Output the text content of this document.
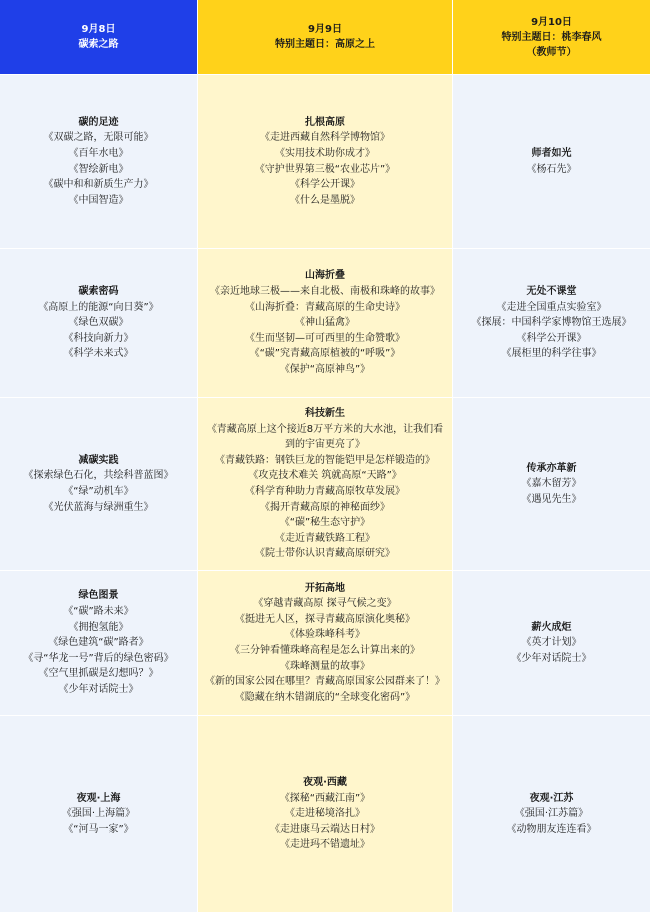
9月8日
碳索之路
9月9日
特别主题日：高原之上
9月10日
特别主题日：桃李春风
（教师节）
碳的足迹
《双碳之路，无限可能》
《百年水电》
《智绘新电》
《碳中和和新质生产力》
《中国智造》
扎根高原
《走进西藏自然科学博物馆》
《实用技术助你成才》
《守护世界第三极“农业芯片”》
《科学公开课》
《什么是墨脱》
师者如光
《杨石先》
碳索密码
《高原上的能源“向日葵”》
《绿色双碳》
《科技向新力》
《科学未来式》
山海折叠
《亲近地球三极——来自北极、南极和珠峰的故事》
《山海折叠：青藏高原的生命史诗》
《神山猛禽》
《生而坚韧—可可西里的生命赞歌》
《“碳”究青藏高原植被的“呼吸”》
《保护“高原神鸟”》
无处不课堂
《走进全国重点实验室》
《探展：中国科学家博物馆王选展》
《科学公开课》
《展柜里的科学往事》
减碳实践
《探索绿色石化，共绘科普蓝图》
《“绿”动机车》
《光伏蓝海与绿洲重生》
科技新生
《青藏高原上这个接近8万平方米的大水池，让我们看到的宇宙更亮了》
《青藏铁路：钢铁巨龙的智能铠甲是怎样锻造的》
《攻克技术难关 筑就高原“天路”》
《科学育种助力青藏高原牧草发展》
《揭开青藏高原的神秘面纱》
《“碳”秘生态守护》
《走近青藏铁路工程》
《院士带你认识青藏高原研究》
传承亦革新
《嘉木留芳》
《遇见先生》
绿色图景
《“碳”路未来》
《拥抱氢能》
《绿色建筑“碳”路者》
《寻“华龙一号”背后的绿色密码》
《空气里抓碳是幻想吗？》
《少年对话院士》
开拓高地
《穿越青藏高原 探寻气候之变》
《挺进无人区，探寻青藏高原演化奥秘》
《体验珠峰科考》
《三分钟看懂珠峰高程是怎么计算出来的》
《珠峰测量的故事》
《新的国家公园在哪里？青藏高原国家公园群来了！》
《隐藏在纳木错湖底的“全球变化密码”》
薪火成炬
《英才计划》
《少年对话院士》
夜观·上海
《强国·上海篇》
《“河马一家”》
夜观·西藏
《探秘“西藏江南”》
《走进秘境洛扎》
《走进康马云端达日村》
《走进玛不错遗址》
夜观·江苏
《强国·江苏篇》
《动物朋友连连看》
